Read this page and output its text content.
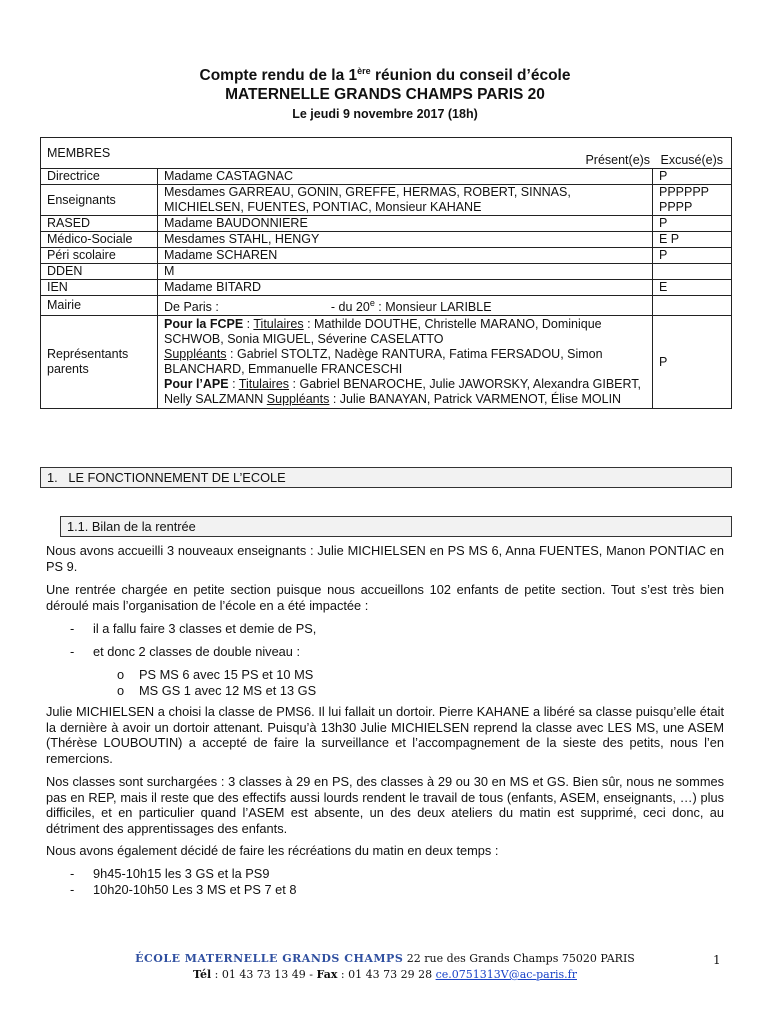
Compte rendu de la 1ère réunion du conseil d’école
MATERNELLE GRANDS CHAMPS PARIS 20
Le jeudi 9 novembre 2017 (18h)
MEMBRES
Présent(e)s   Excusé(e)s		

Directrice	Madame CASTAGNAC	P
Enseignants	Mesdames GARREAU, GONIN, GREFFE, HERMAS, ROBERT, SINNAS, MICHIELSEN, FUENTES, PONTIAC, Monsieur KAHANE	PPPPPP
PPPP
RASED	Madame BAUDONNIERE	P
Médico-Sociale	Mesdames STAHL, HENGY	E P
Péri scolaire	Madame SCHAREN	P
DDEN	M	
IEN	Madame BITARD	E
Mairie	De Paris : - du 20e : Monsieur LARIBLE	
Représentants
parents	Pour la FCPE : Titulaires : Mathilde DOUTHE, Christelle MARANO, Dominique SCHWOB, Sonia MIGUEL, Séverine CASELATTO
Suppléants : Gabriel STOLTZ, Nadège RANTURA, Fatima FERSADOU, Simon BLANCHARD, Emmanuelle FRANCESCHI
Pour l’APE : Titulaires : Gabriel BENAROCHE, Julie JAWORSKY, Alexandra GIBERT, Nelly SALZMANN Suppléants : Julie BANAYAN, Patrick VARMENOT, Élise MOLIN	P
1.   LE FONCTIONNEMENT DE L’ECOLE
1.1. Bilan de la rentrée
Nous avons accueilli 3 nouveaux enseignants : Julie MICHIELSEN en PS MS 6, Anna FUENTES, Manon PONTIAC en PS 9.
Une rentrée chargée en petite section puisque nous accueillons 102 enfants de petite section. Tout s’est très bien déroulé mais l’organisation de l’école en a été impactée :
- il a fallu faire 3 classes et demie de PS,
- et donc 2 classes de double niveau :
o PS MS 6 avec 15 PS et 10 MS
o MS GS 1 avec 12 MS et 13 GS
Julie MICHIELSEN a choisi la classe de PMS6. Il lui fallait un dortoir. Pierre KAHANE a libéré sa classe puisqu’elle était la dernière à avoir un dortoir attenant. Puisqu’à 13h30 Julie MICHIELSEN reprend la classe avec LES MS, une ASEM (Thérèse LOUBOUTIN) a accepté de faire la surveillance et l’accompagnement de la sieste des petits, nous l’en remercions.
Nos classes sont surchargées : 3 classes à 29 en PS, des classes à 29 ou 30 en MS et GS. Bien sûr, nous ne sommes pas en REP, mais il reste que des effectifs aussi lourds rendent le travail de tous (enfants, ASEM, enseignants, …) plus difficiles, et en particulier quand l’ASEM est absente, un des deux ateliers du matin est supprimé, ceci donc, au détriment des apprentissages des enfants.
Nous avons également décidé de faire les récréations du matin en deux temps :
- 9h45-10h15 les 3 GS et la PS9
- 10h20-10h50 Les 3 MS et PS 7 et 8
ÉCOLE MATERNELLE GRANDS CHAMPS 22 rue des Grands Champs 75020 PARIS
Tél : 01 43 73 13 49 - Fax : 01 43 73 29 28 ce.0751313V@ac-paris.fr
1
